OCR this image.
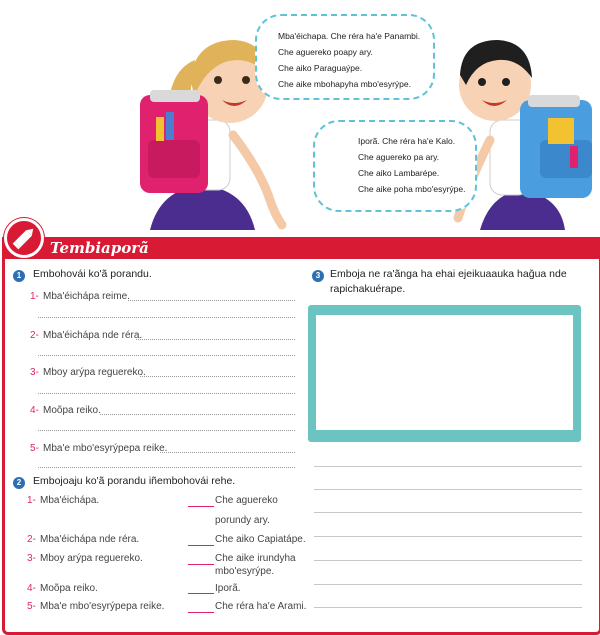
Mba'éichapa. Che réra ha'e Panambi.
Che aguereko poapy ary.
Che aiko Paraguaýpe.
Che aike mbohapyha mbo'esyrýpe.
Iporã. Che réra ha'e Kalo.
Che aguereko pa ary.
Che aiko Lambarépe.
Che aike poha mbo'esyrýpe.
Tembiaporã
1	Embohovái ko'ã porandu.
1- Mba'éichápa reime.
2- Mba'éichápa nde réra.
3- Mboy arýpa reguerekо.
4- Moõpa reiko.
5- Mba'e mbo'esyrýpepa reike.
2	Embojoaju ko'ã porandu iñembohovái rehe.
1- Mba'éichápa.
2- Mba'éichápa nde réra.
3- Mboy arýpa reguerekо.
4- Moõpa reiko.
5- Mba'e mbo'esyrýpepa reike.
Che aguereko
porundy ary.
Che aiko Capiatápe.
Che aike irundyha
mbo'esyrýpe.
Iporã.
Che réra ha'e Arami.
3 Emboja ne ra'ãnga ha ehai ejeikuaauka hağua nde
rapichakuérape.
